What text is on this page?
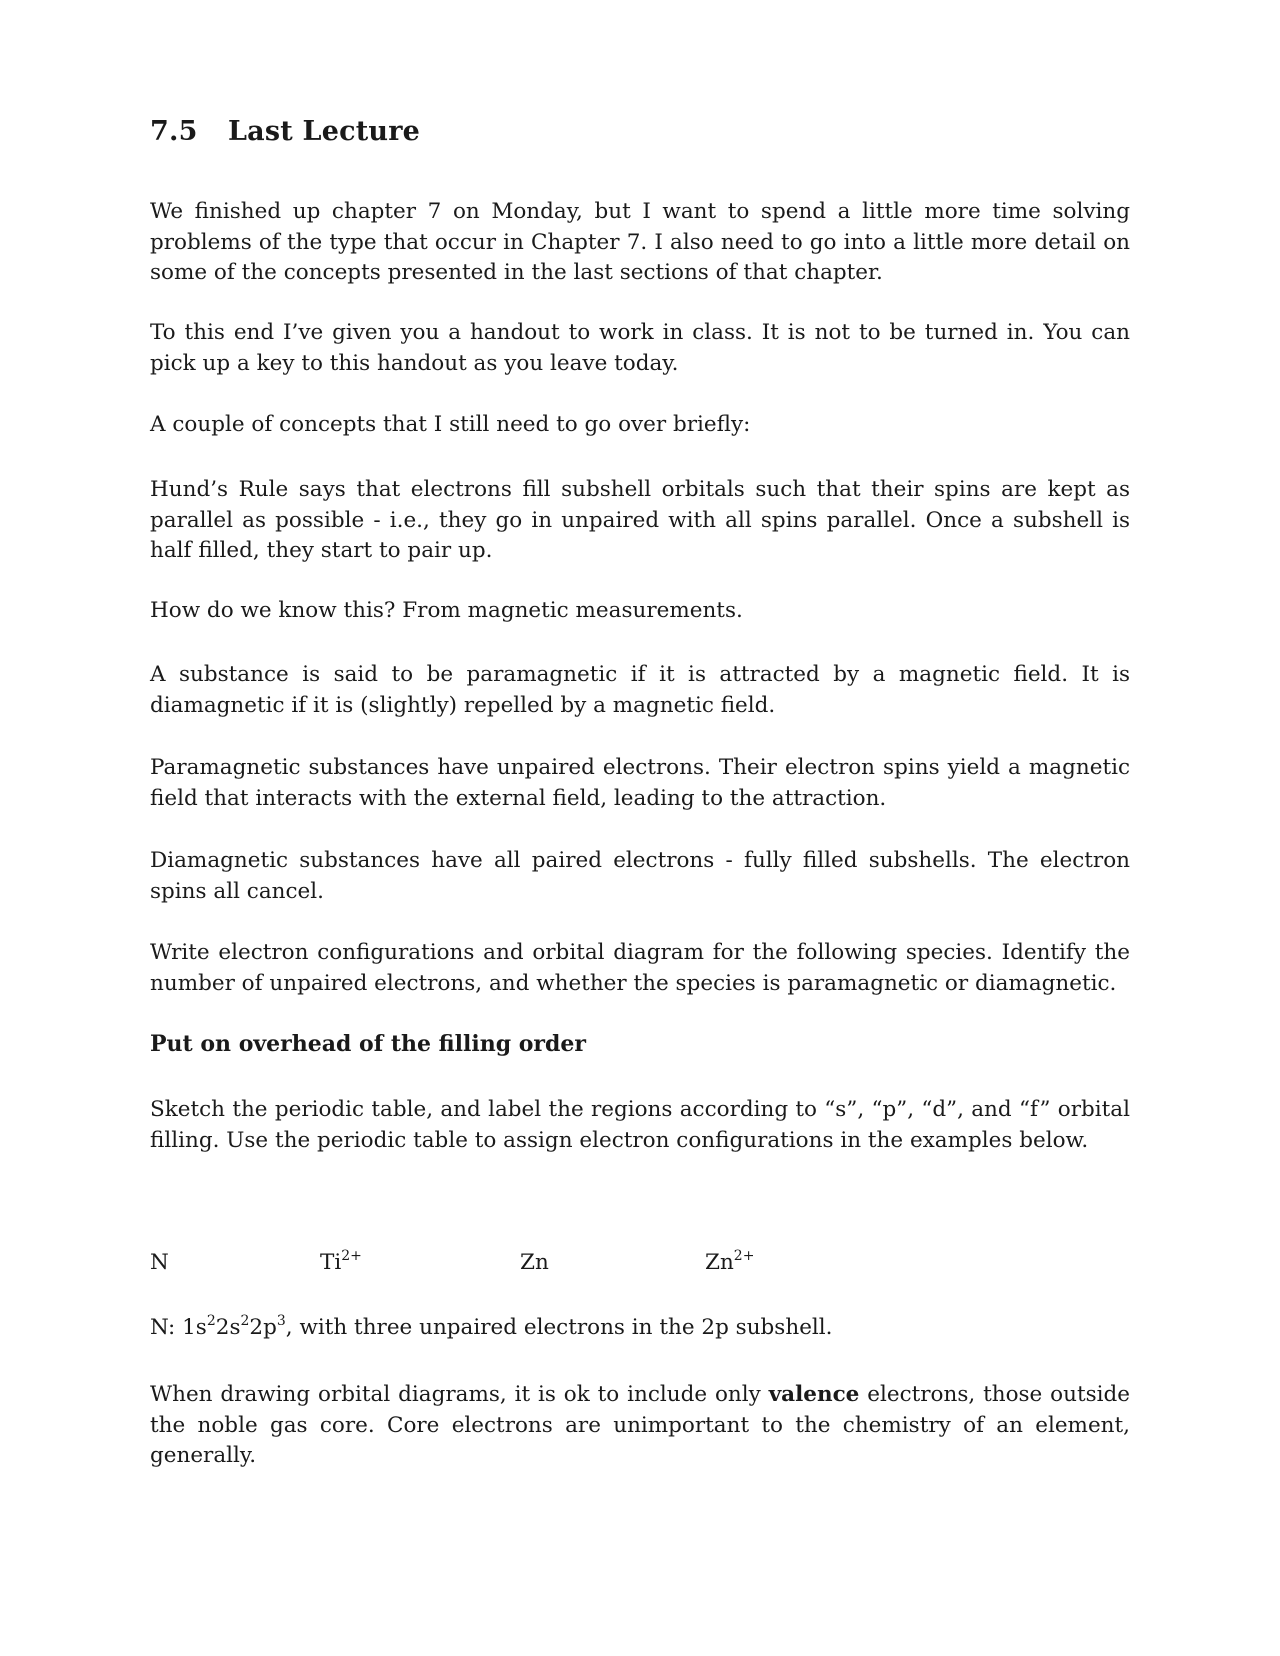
7.5 Last Lecture

We finished up chapter 7 on Monday, but I want to spend a little more time solving problems of the type that occur in Chapter 7. I also need to go into a little more detail on some of the concepts presented in the last sections of that chapter.

To this end I’ve given you a handout to work in class. It is not to be turned in. You can pick up a key to this handout as you leave today.

A couple of concepts that I still need to go over briefly:

Hund’s Rule says that electrons fill subshell orbitals such that their spins are kept as parallel as possible - i.e., they go in unpaired with all spins parallel. Once a subshell is half filled, they start to pair up.

How do we know this? From magnetic measurements.

A substance is said to be paramagnetic if it is attracted by a magnetic field. It is diamagnetic if it is (slightly) repelled by a magnetic field.

Paramagnetic substances have unpaired electrons. Their electron spins yield a magnetic field that interacts with the external field, leading to the attraction.

Diamagnetic substances have all paired electrons - fully filled subshells. The electron spins all cancel.

Write electron configurations and orbital diagram for the following species. Identify the number of unpaired electrons, and whether the species is paramagnetic or diamagnetic.

Put on overhead of the filling order

Sketch the periodic table, and label the regions according to “s”, “p”, “d”, and “f” orbital filling. Use the periodic table to assign electron configurations in the examples below.

N	$Ti^{2+}$	Zn	$Zn^{2+}$

N: $1s^22s^22p^3$, with three unpaired electrons in the 2p subshell.

When drawing orbital diagrams, it is ok to include only valence electrons, those outside the noble gas core. Core electrons are unimportant to the chemistry of an element, generally.
